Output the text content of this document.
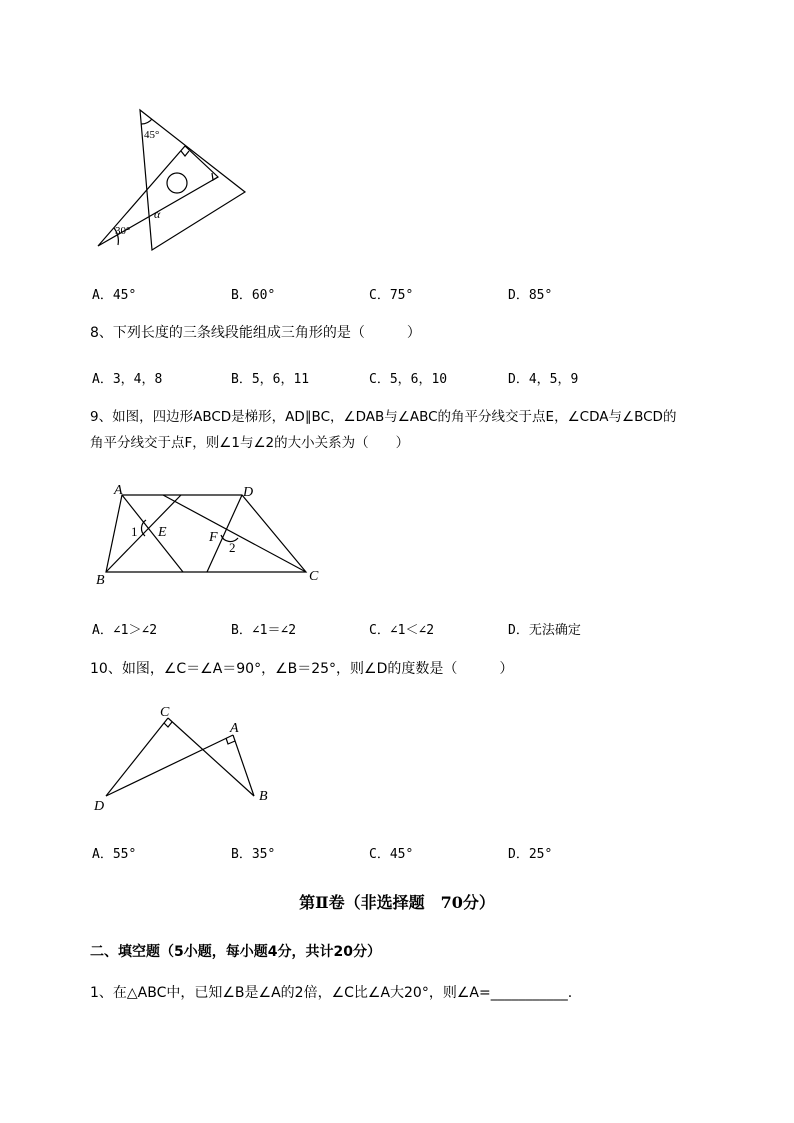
45°
α
30°
A．45°	B．60°	C．75°	D．85°
8、下列长度的三条线段能组成三角形的是（　　　）
A．3，4，8	B．5，6，11	C．5，6，10	D．4，5，9
9、如图，四边形ABCD是梯形，AD∥BC，∠DAB与∠ABC的角平分线交于点E，∠CDA与∠BCD的
角平分线交于点F，则∠1与∠2的大小关系为（　　）
A	D
1 E	F
2
B	C
A．∠1＞∠2	B．∠1＝∠2	C．∠1＜∠2	D．无法确定
10、如图，∠C＝∠A＝90°，∠B＝25°，则∠D的度数是（　　　）
C
A
D
B
A．55°	B．35°	C．45°	D．25°
第Ⅱ卷（非选择题　70分）
二、填空题（5小题，每小题4分，共计20分）
1、在△ABC中，已知∠B是∠A的2倍，∠C比∠A大20°，则∠A=___________.
